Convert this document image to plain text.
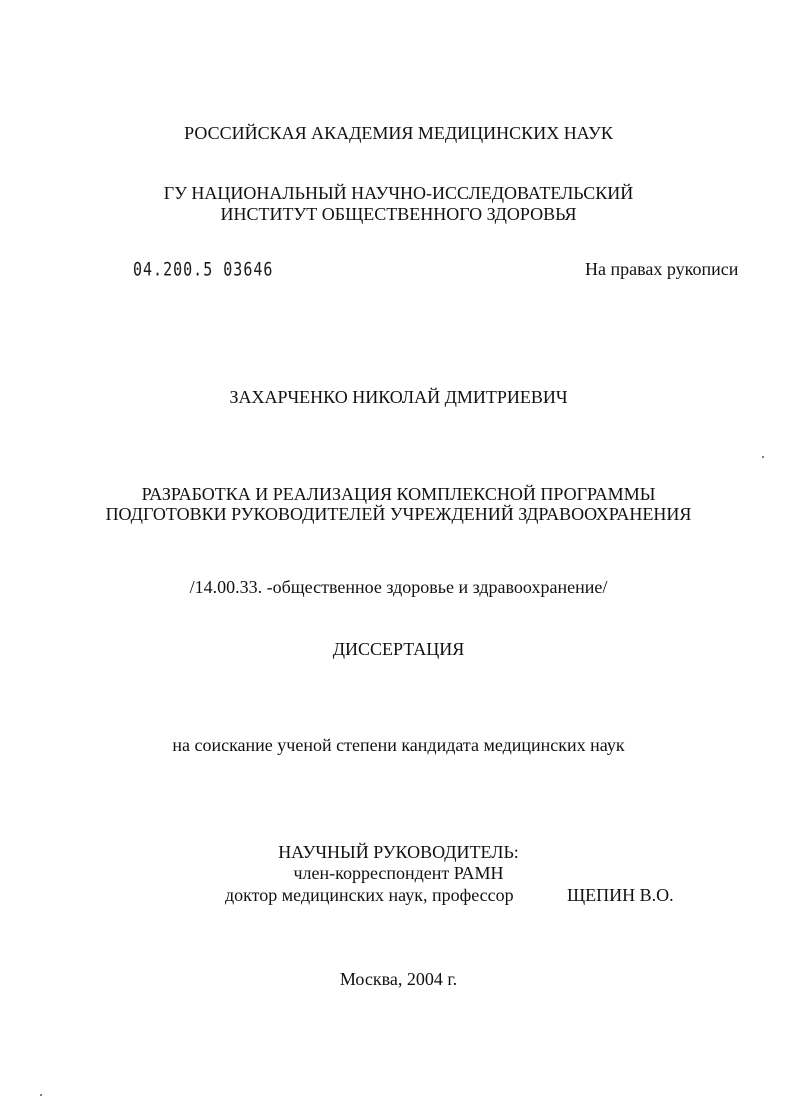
РОССИЙСКАЯ АКАДЕМИЯ МЕДИЦИНСКИХ НАУК
ГУ НАЦИОНАЛЬНЫЙ НАУЧНО-ИССЛЕДОВАТЕЛЬСКИЙ
ИНСТИТУТ ОБЩЕСТВЕННОГО ЗДОРОВЬЯ
04.200.5 03646	На правах рукописи
ЗАХАРЧЕНКО НИКОЛАЙ ДМИТРИЕВИЧ
РАЗРАБОТКА И РЕАЛИЗАЦИЯ КОМПЛЕКСНОЙ ПРОГРАММЫ
ПОДГОТОВКИ РУКОВОДИТЕЛЕЙ УЧРЕЖДЕНИЙ ЗДРАВООХРАНЕНИЯ
/14.00.33. -общественное здоровье и здравоохранение/
ДИССЕРТАЦИЯ
на соискание ученой степени кандидата медицинских наук
НАУЧНЫЙ РУКОВОДИТЕЛЬ:
член-корреспондент РАМН
доктор медицинских наук, профессор	ЩЕПИН В.О.
Москва, 2004 г.
